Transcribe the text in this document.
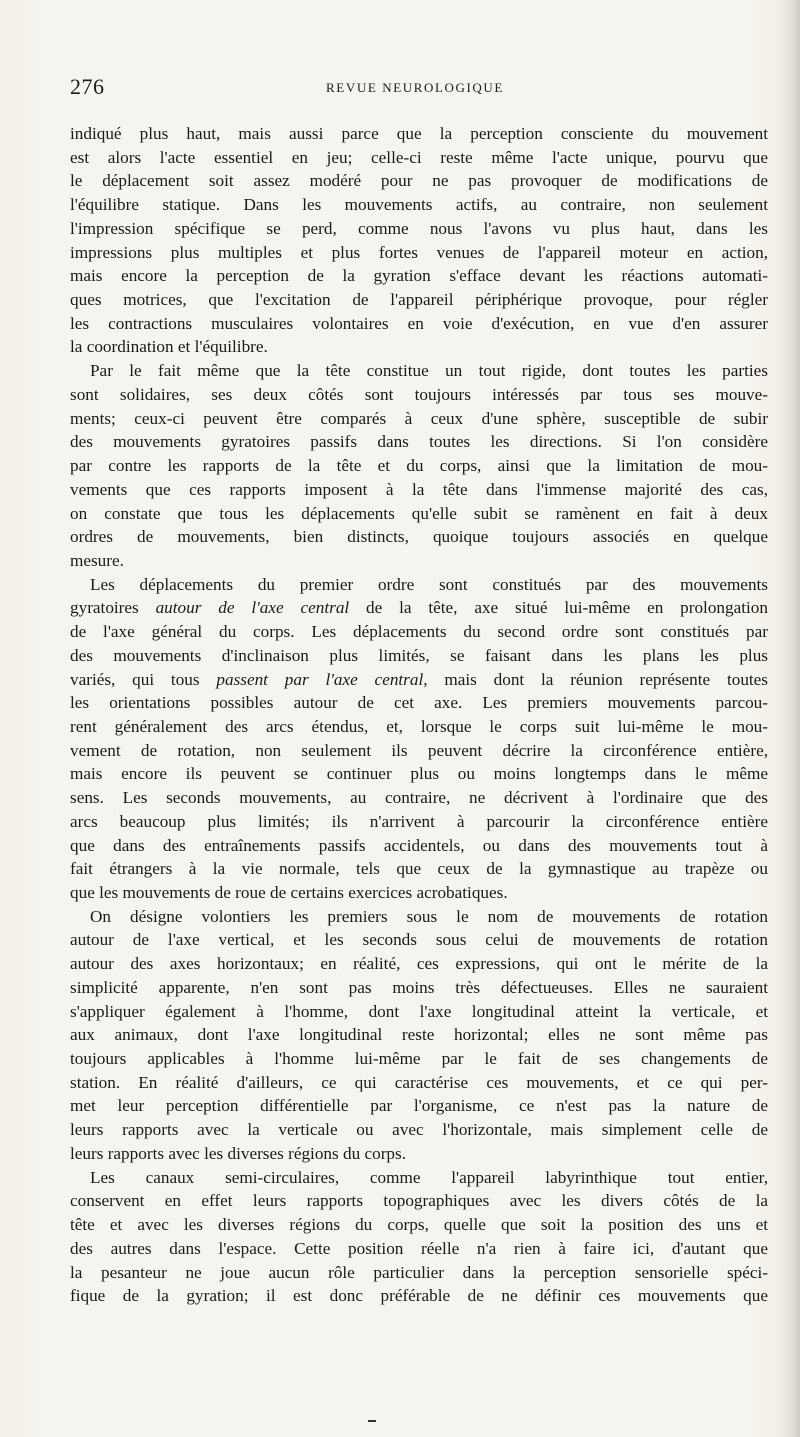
276	REVUE NEUROLOGIQUE
indiqué plus haut, mais aussi parce que la perception consciente du mouvement
est alors l'acte essentiel en jeu; celle-ci reste même l'acte unique, pourvu que
le déplacement soit assez modéré pour ne pas provoquer de modifications de
l'équilibre statique. Dans les mouvements actifs, au contraire, non seulement
l'impression spécifique se perd, comme nous l'avons vu plus haut, dans les
impressions plus multiples et plus fortes venues de l'appareil moteur en action,
mais encore la perception de la gyration s'efface devant les réactions automati-
ques motrices, que l'excitation de l'appareil périphérique provoque, pour régler
les contractions musculaires volontaires en voie d'exécution, en vue d'en assurer
la coordination et l'équilibre.
Par le fait même que la tête constitue un tout rigide, dont toutes les parties
sont solidaires, ses deux côtés sont toujours intéressés par tous ses mouve-
ments; ceux-ci peuvent être comparés à ceux d'une sphère, susceptible de subir
des mouvements gyratoires passifs dans toutes les directions. Si l'on considère
par contre les rapports de la tête et du corps, ainsi que la limitation de mou-
vements que ces rapports imposent à la tête dans l'immense majorité des cas,
on constate que tous les déplacements qu'elle subit se ramènent en fait à deux
ordres de mouvements, bien distincts, quoique toujours associés en quelque
mesure.
Les déplacements du premier ordre sont constitués par des mouvements
gyratoires autour de l'axe central de la tête, axe situé lui-même en prolongation
de l'axe général du corps. Les déplacements du second ordre sont constitués par
des mouvements d'inclinaison plus limités, se faisant dans les plans les plus
variés, qui tous passent par l'axe central, mais dont la réunion représente toutes
les orientations possibles autour de cet axe. Les premiers mouvements parcou-
rent généralement des arcs étendus, et, lorsque le corps suit lui-même le mou-
vement de rotation, non seulement ils peuvent décrire la circonférence entière,
mais encore ils peuvent se continuer plus ou moins longtemps dans le même
sens. Les seconds mouvements, au contraire, ne décrivent à l'ordinaire que des
arcs beaucoup plus limités; ils n'arrivent à parcourir la circonférence entière
que dans des entraînements passifs accidentels, ou dans des mouvements tout à
fait étrangers à la vie normale, tels que ceux de la gymnastique au trapèze ou
que les mouvements de roue de certains exercices acrobatiques.
On désigne volontiers les premiers sous le nom de mouvements de rotation
autour de l'axe vertical, et les seconds sous celui de mouvements de rotation
autour des axes horizontaux; en réalité, ces expressions, qui ont le mérite de la
simplicité apparente, n'en sont pas moins très défectueuses. Elles ne sauraient
s'appliquer également à l'homme, dont l'axe longitudinal atteint la verticale, et
aux animaux, dont l'axe longitudinal reste horizontal; elles ne sont même pas
toujours applicables à l'homme lui-même par le fait de ses changements de
station. En réalité d'ailleurs, ce qui caractérise ces mouvements, et ce qui per-
met leur perception différentielle par l'organisme, ce n'est pas la nature de
leurs rapports avec la verticale ou avec l'horizontale, mais simplement celle de
leurs rapports avec les diverses régions du corps.
Les canaux semi-circulaires, comme l'appareil labyrinthique tout entier,
conservent en effet leurs rapports topographiques avec les divers côtés de la
tête et avec les diverses régions du corps, quelle que soit la position des uns et
des autres dans l'espace. Cette position réelle n'a rien à faire ici, d'autant que
la pesanteur ne joue aucun rôle particulier dans la perception sensorielle spéci-
fique de la gyration; il est donc préférable de ne définir ces mouvements que
